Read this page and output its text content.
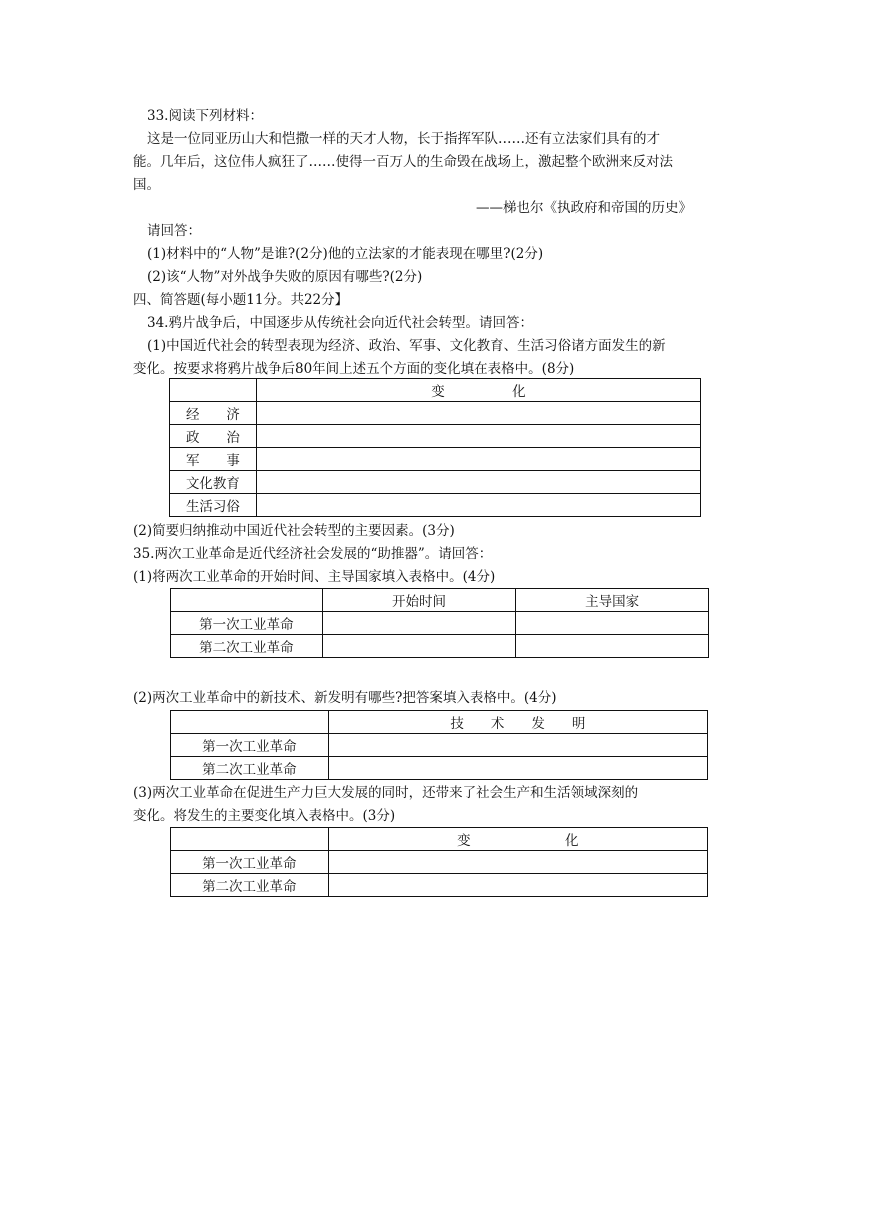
33.阅读下列材料：
这是一位同亚历山大和恺撒一样的天才人物，长于指挥军队……还有立法家们具有的才
能。几年后，这位伟人疯狂了……使得一百万人的生命毁在战场上，激起整个欧洲来反对法
国。
——梯也尔《执政府和帝国的历史》
请回答：
(1)材料中的“人物”是谁?(2分)他的立法家的才能表现在哪里?(2分)
(2)该“人物”对外战争失败的原因有哪些?(2分)
四、简答题(每小题11分。共22分】
34.鸦片战争后，中国逐步从传统社会向近代社会转型。请回答：
(1)中国近代社会的转型表现为经济、政治、军事、文化教育、生活习俗诸方面发生的新
变化。按要求将鸦片战争后80年间上述五个方面的变化填在表格中。(8分)
	变　　　　　化
经　　济	
政　　治	
军　　事	
文化教育	
生活习俗	
(2)简要归纳推动中国近代社会转型的主要因素。(3分)
35.两次工业革命是近代经济社会发展的“助推器”。请回答：
(1)将两次工业革命的开始时间、主导国家填入表格中。(4分)
	开始时间	主导国家
第一次工业革命		
第二次工业革命		
(2)两次工业革命中的新技术、新发明有哪些?把答案填入表格中。(4分)
	技　　术　　发　　明
第一次工业革命	
第二次工业革命	
(3)两次工业革命在促进生产力巨大发展的同时，还带来了社会生产和生活领域深刻的
变化。将发生的主要变化填入表格中。(3分)
	变　　　　　　　化
第一次工业革命	
第二次工业革命	
